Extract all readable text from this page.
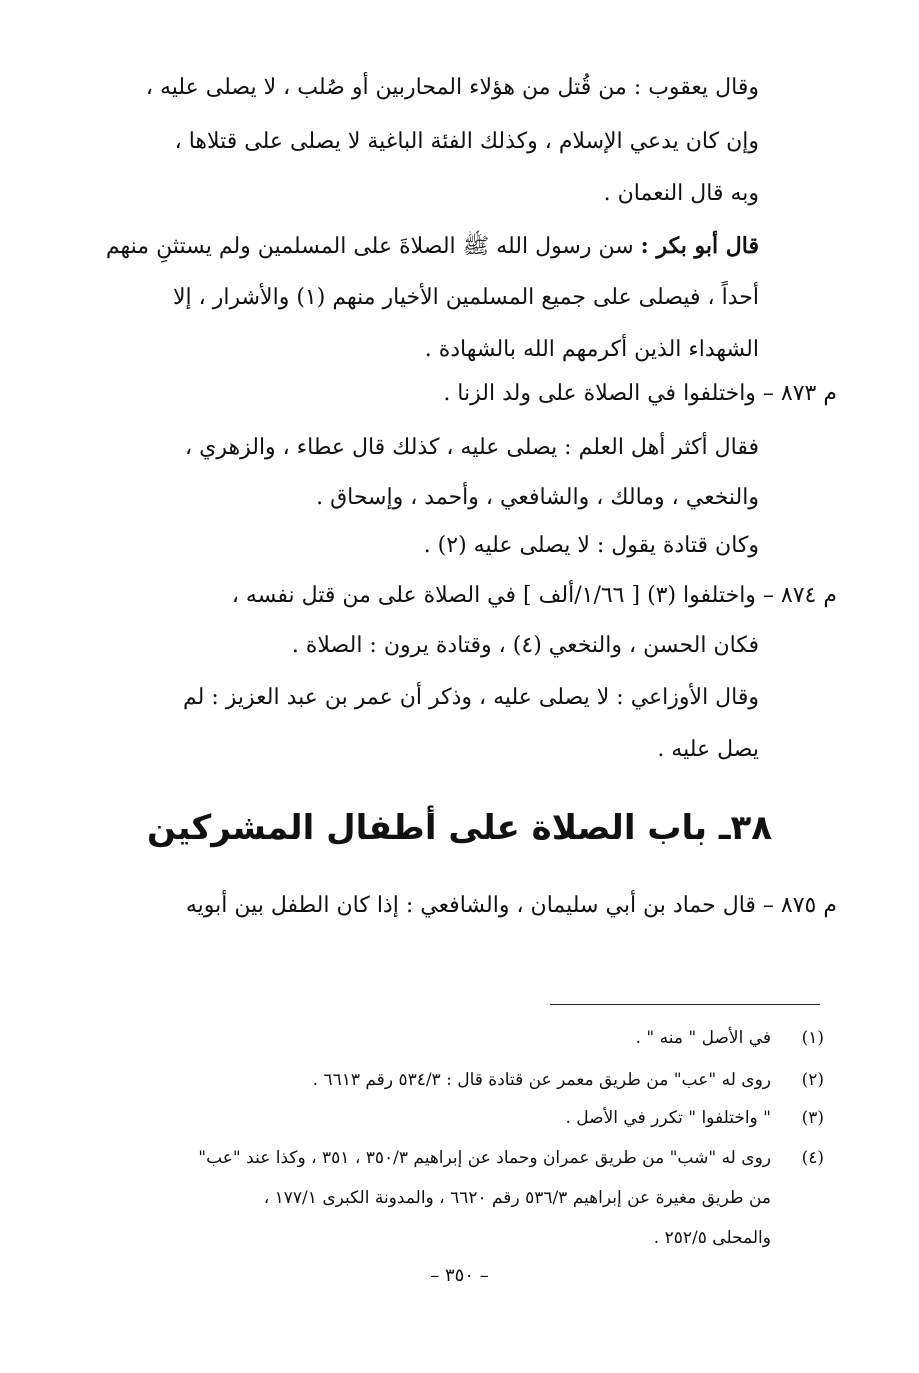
وقال يعقوب : من قُتل من هؤلاء المحاربين أو صُلب ، لا يصلى عليه ،
وإن كان يدعي الإسلام ، وكذلك الفئة الباغية لا يصلى على قتلاها ،
وبه قال النعمان .
قال أبو بكر : سن رسول الله ﷺ الصلاةَ على المسلمين ولم يستثنِ منهم
أحداً ، فيصلى على جميع المسلمين الأخيار منهم (١) والأشرار ، إلا
الشهداء الذين أكرمهم الله بالشهادة .
م ٨٧٣ – واختلفوا في الصلاة على ولد الزنا .
فقال أكثر أهل العلم : يصلى عليه ، كذلك قال عطاء ، والزهري ،
والنخعي ، ومالك ، والشافعي ، وأحمد ، وإسحاق .
وكان قتادة يقول : لا يصلى عليه (٢) .
م ٨٧٤ – واختلفوا (٣) [ ١/٦٦/ألف ] في الصلاة على من قتل نفسه ،
فكان الحسن ، والنخعي (٤) ، وقتادة يرون : الصلاة .
وقال الأوزاعي : لا يصلى عليه ، وذكر أن عمر بن عبد العزيز : لم
يصل عليه .
٣٨ـ باب الصلاة على أطفال المشركين
م ٨٧٥ – قال حماد بن أبي سليمان ، والشافعي : إذا كان الطفل بين أبويه
(١)
في الأصل " منه " .
(٢)
روى له "عب" من طريق معمر عن قتادة قال : ٥٣٤/٣ رقم ٦٦١٣ .
(٣)
" واختلفوا " تكرر في الأصل .
(٤)
روى له "شب" من طريق عمران وحماد عن إبراهيم ٣٥٠/٣ ، ٣٥١ ، وكذا عند "عب"
من طريق مغيرة عن إبراهيم ٥٣٦/٣ رقم ٦٦٢٠ ، والمدونة الكبرى ١٧٧/١ ،
والمحلى ٢٥٢/٥ .
– ٣٥٠ –
